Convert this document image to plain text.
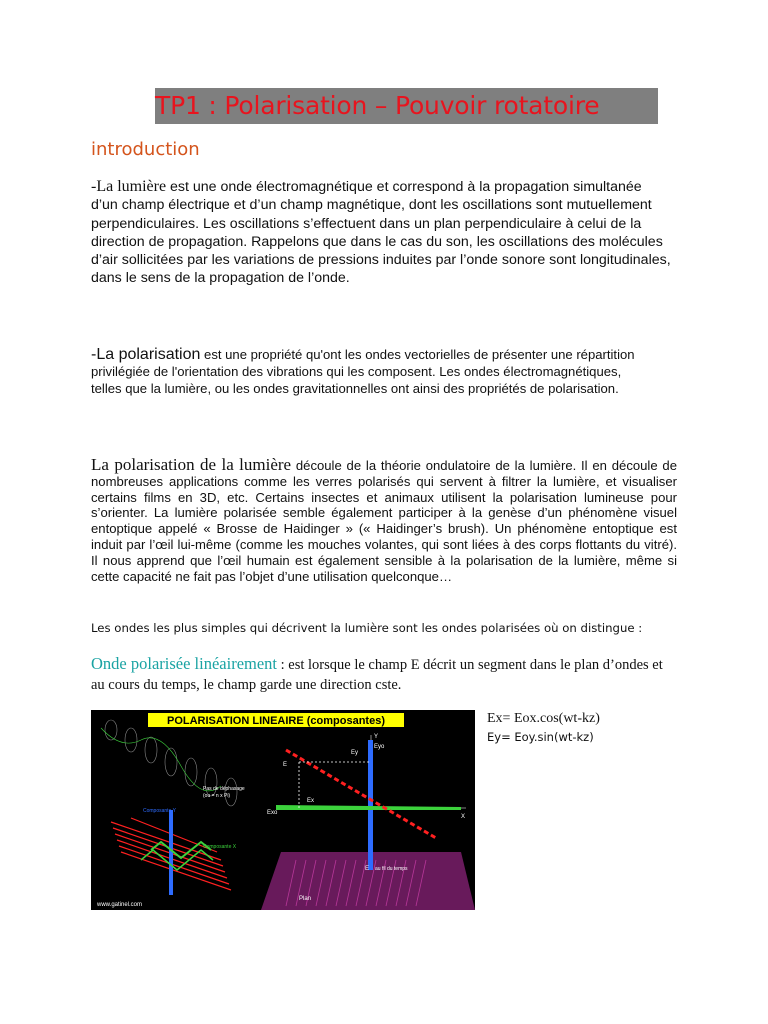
TP1 : Polarisation – Pouvoir rotatoire
introduction
-La lumière est une onde électromagnétique et correspond à la propagation simultanée d’un champ électrique et d’un champ magnétique, dont les oscillations sont mutuellement perpendiculaires. Les oscillations s’effectuent dans un plan perpendiculaire à celui de la direction de propagation. Rappelons que dans le cas du son, les oscillations des molécules d’air sollicitées par les variations de pressions induites par l’onde sonore sont longitudinales, dans le sens de la propagation de l’onde.
-La polarisation est une propriété qu'ont les ondes vectorielles de présenter une répartition privilégiée de l'orientation des vibrations qui les composent. Les ondes électromagnétiques, telles que la lumière, ou les ondes gravitationnelles ont ainsi des propriétés de polarisation.
La polarisation de la lumière découle de la théorie ondulatoire de la lumière. Il en découle de nombreuses applications comme les verres polarisés qui servent à filtrer la lumière, et visualiser certains films en 3D, etc. Certains insectes et animaux utilisent la polarisation lumineuse pour s’orienter. La lumière polarisée semble également participer à la genèse d’un phénomène visuel entoptique appelé « Brosse de Haidinger » (« Haidinger’s brush). Un phénomène entoptique est induit par l’œil lui-même (comme les mouches volantes, qui sont liées à des corps flottants du vitré). Il nous apprend que l’œil humain est également sensible à la polarisation de la lumière, même si cette capacité ne fait pas l’objet d’une utilisation quelconque…
Les ondes les plus simples qui décrivent la lumière sont les ondes polarisées où on distingue :
Onde polarisée linéairement : est lorsque le champ E décrit un segment dans le plan d’ondes et au cours du temps, le champ garde une direction cste.
POLARISATION LINEAIRE (composantes)
Ey
Eyo
Y
E
Ex
Exo
X
E au fil du temps
Plan
Pas de déphasage
(ou = n x Pi)
Composante Y
Composante X
www.gatinel.com
Ex= Eox.cos(wt-kz)
Ey= Eoy.sin(wt-kz)
